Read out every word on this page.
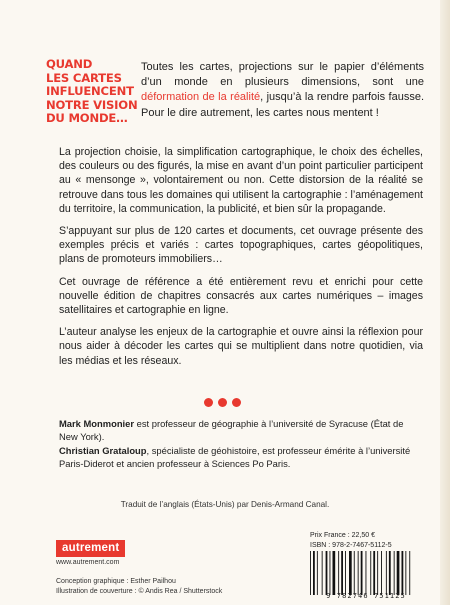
QUAND
LES CARTES
INFLUENCENT
NOTRE VISION
DU MONDE…
Toutes les cartes, projections sur le papier d’éléments d’un monde en plusieurs dimensions, sont une déformation de la réalité, jusqu’à la rendre parfois fausse. Pour le dire autrement, les cartes nous mentent !

La projection choisie, la simplification cartographique, le choix des échelles, des couleurs ou des figurés, la mise en avant d’un point particulier participent au « mensonge », volontairement ou non. Cette distorsion de la réalité se retrouve dans tous les domaines qui utilisent la cartographie : l’aménagement du territoire, la communication, la publicité, et bien sûr la propagande.

S’appuyant sur plus de 120 cartes et documents, cet ouvrage présente des exemples précis et variés : cartes topographiques, cartes géopolitiques, plans de promoteurs immobiliers…

Cet ouvrage de référence a été entièrement revu et enrichi pour cette nouvelle édition de chapitres consacrés aux cartes numériques – images satellitaires et cartographie en ligne.

L’auteur analyse les enjeux de la cartographie et ouvre ainsi la réflexion pour nous aider à décoder les cartes qui se multiplient dans notre quotidien, via les médias et les réseaux.

Mark Monmonier est professeur de géographie à l’université de Syracuse (État de New York).

Christian Grataloup, spécialiste de géohistoire, est professeur émérite à l’université Paris-Diderot et ancien professeur à Sciences Po Paris.

Traduit de l’anglais (États-Unis) par Denis-Armand Canal.
autrement
www.autrement.com
Conception graphique : Esther Pailhou
Illustration de couverture : © Andis Rea / Shutterstock
Prix France : 22,50 €
ISBN : 978-2-7467-5112-5
9 782746 751125
